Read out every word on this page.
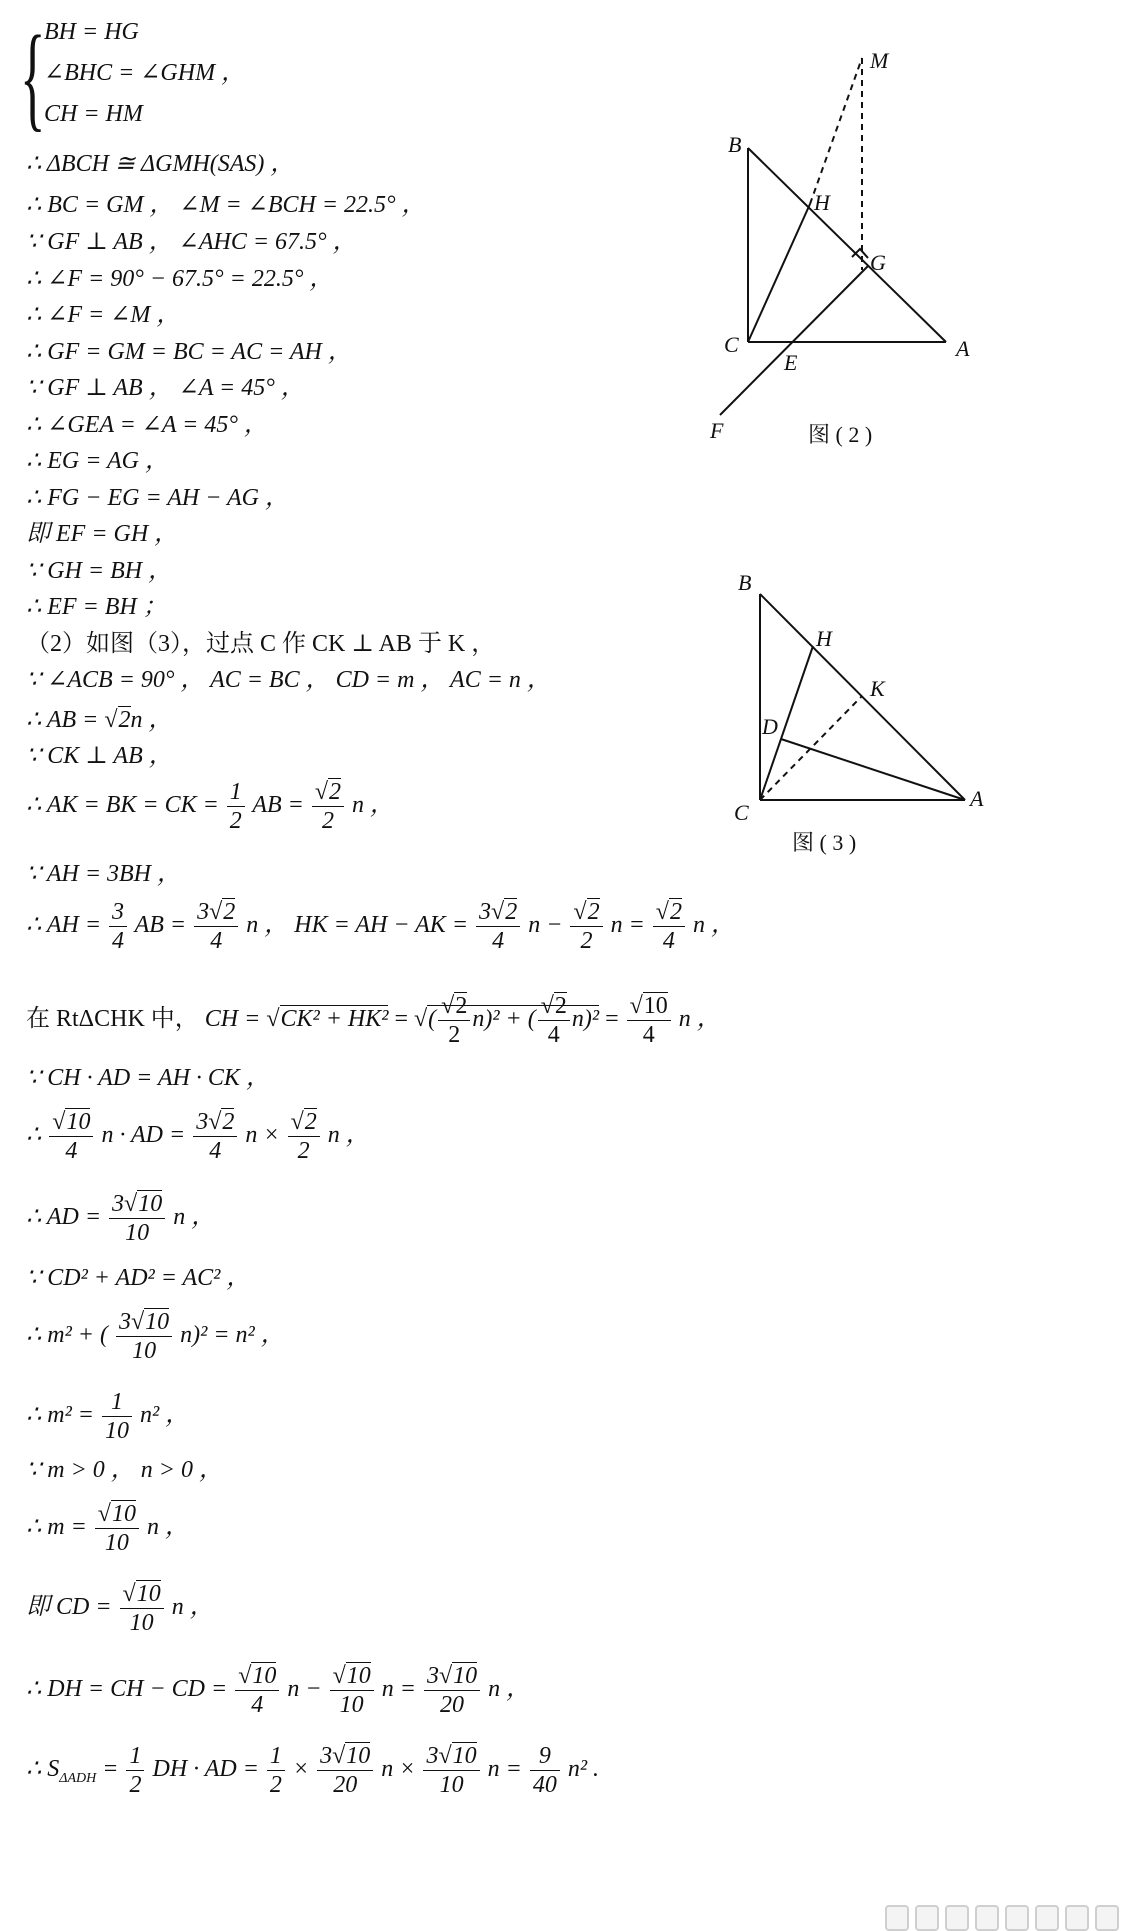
{
BH = HG
∠BHC = ∠GHM ，
CH = HM
∴ ΔBCH ≅ ΔGMH(SAS) ，
∴ BC = GM ， ∠M = ∠BCH = 22.5° ，
∵ GF ⊥ AB ， ∠AHC = 67.5° ，
∴ ∠F = 90° − 67.5° = 22.5° ，
∴ ∠F = ∠M ，
∴ GF = GM = BC = AC = AH ，
∵ GF ⊥ AB ， ∠A = 45° ，
∴ ∠GEA = ∠A = 45° ，
∴ EG = AG ，
∴ FG − EG = AH − AG ，
即 EF = GH ，
∵ GH = BH ，
∴ EF = BH ；
（2）如图（3），过点 C 作 CK ⊥ AB 于 K ，
∵ ∠ACB = 90° ， AC = BC ， CD = m ， AC = n ，
∴ AB = √2n ，
∵ CK ⊥ AB ，
∴ AK = BK = CK = $\frac{1}{2}$ AB = $\frac{√2}{2}$ n ，
∵ AH = 3BH ，
∴ AH = $\frac{3}{4}$ AB = $\frac{3√2}{4}$ n ， HK = AH − AK = $\frac{3√2}{4}$ $n - \frac{√2}{2}$ $n = \frac{√2}{4}$ n ，
在 RtΔCHK 中， CH = √CK² + HK² = √( $\frac{√2}{2} n)^2$ + ( $\frac{√2}{4} n)^2 = \frac{√10}{4}$ n ，
∵ CH · AD = AH · CK ，
∴ $\frac{√10}{4}$ n · AD = $\frac{3√2}{4}$ $n \times \frac{√2}{2}$ n ，
∴ AD = $\frac{3√10}{10}$ n ，
∵ CD² + AD² = AC² ，
∴ m² + ( $\frac{3√10}{10} n)^2 = n^2$ ，
∴ $m^2 = \frac{1}{10} n^2$ ，
∵ m > 0 ， n > 0 ，
∴ $m = \frac{√10}{10}$ n ，
即 CD = $\frac{√10}{10}$ n ，
∴ DH = CH − CD = $\frac{√10}{4}$ $n - \frac{√10}{10}$ $n = \frac{3√10}{20}$ n ，
∴ $S_{\Delta ADH} = \frac{1}{2}$ DH · AD = $\frac{1}{2} \times \frac{3√10}{20}$ $n \times \frac{3√10}{10}$ $n = \frac{9}{40} n^2$ .
M
B
H
G
C
E
A
F	图 ( 2 )
B
H
K
D
C
A
图 ( 3 )
